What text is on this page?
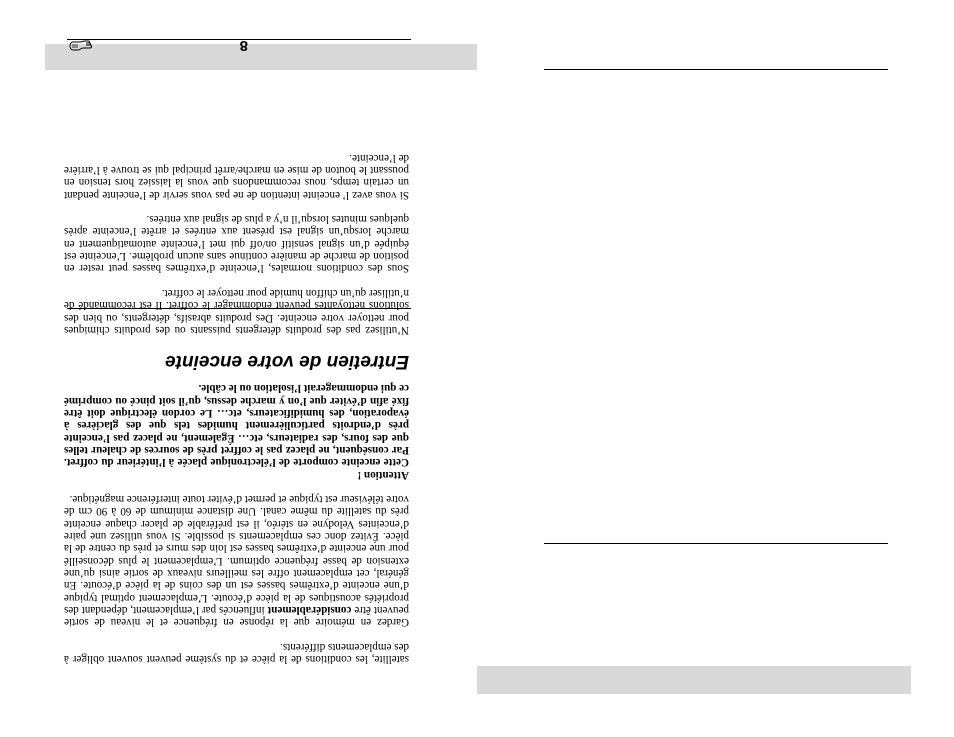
satellite, les conditions de la pièce et du système peuvent souvent obliger à des emplacements différents.

Gardez en mémoire que la réponse en fréquence et le niveau de sortie peuvent être considérablement influencés par l’emplacement, dépendant des propriétés acoustiques de la pièce d’écoute. L’emplacement optimal typique d’une enceinte d’extrêmes basses est un des coins de la pièce d’écoute. En général, cet emplacement offre les meilleurs niveaux de sortie ainsi qu’une extension de basse fréquence optimum. L’emplacement le plus déconseillé pour une enceinte d’extrêmes basses est loin des murs et près du centre de la pièce. Évitez donc ces emplacements si possible. Si vous utilisez une paire d’enceintes Velodyne en stéréo, il est préférable de placer chaque enceinte près du satellite du même canal. Une distance minimum de 60 à 90 cm de votre téléviseur est typique et permet d’éviter toute interférence magnétique.

Attention !

Cette enceinte comporte de l’électronique placée à l’intérieur du coffret. Par conséquent, ne placez pas le coffret près de sources de chaleur telles que des fours, des radiateurs, etc… Également, ne placez pas l’enceinte près d’endroits particulièrement humides tels que des glacières à évaporation, des humidificateurs, etc… Le cordon électrique doit être fixé afin d’éviter que l’on y marche dessus, qu’il soit pincé ou comprimé ce qui endommagerait l’isolation ou le câble.

Entretien de votre enceinte

N’utilisez pas des produits détergents puissants ou des produits chimiques pour nettoyer votre enceinte. Des produits abrasifs, détergents, ou bien des solutions nettoyantes peuvent endommager le coffret. Il est recommandé de n’utiliser qu’un chiffon humide pour nettoyer le coffret.

Sous des conditions normales, l’enceinte d’extrêmes basses peut rester en position de marche de manière continue sans aucun problème. L’enceinte est équipée d’un signal sensitif on/off qui met l’enceinte automatiquement en marche lorsqu’un signal est présent aux entrées et arrête l’enceinte après quelques minutes lorsqu’il n’y a plus de signal aux entrées.

Si vous avez l’ enceinte intention de ne pas vous servir de l’enceinte pendant un certain temps, nous recommandons que vous la laissiez hors tension en poussant le bouton de mise en marche/arrêt principal qui se trouve à l’arrière de l’enceinte.

8
